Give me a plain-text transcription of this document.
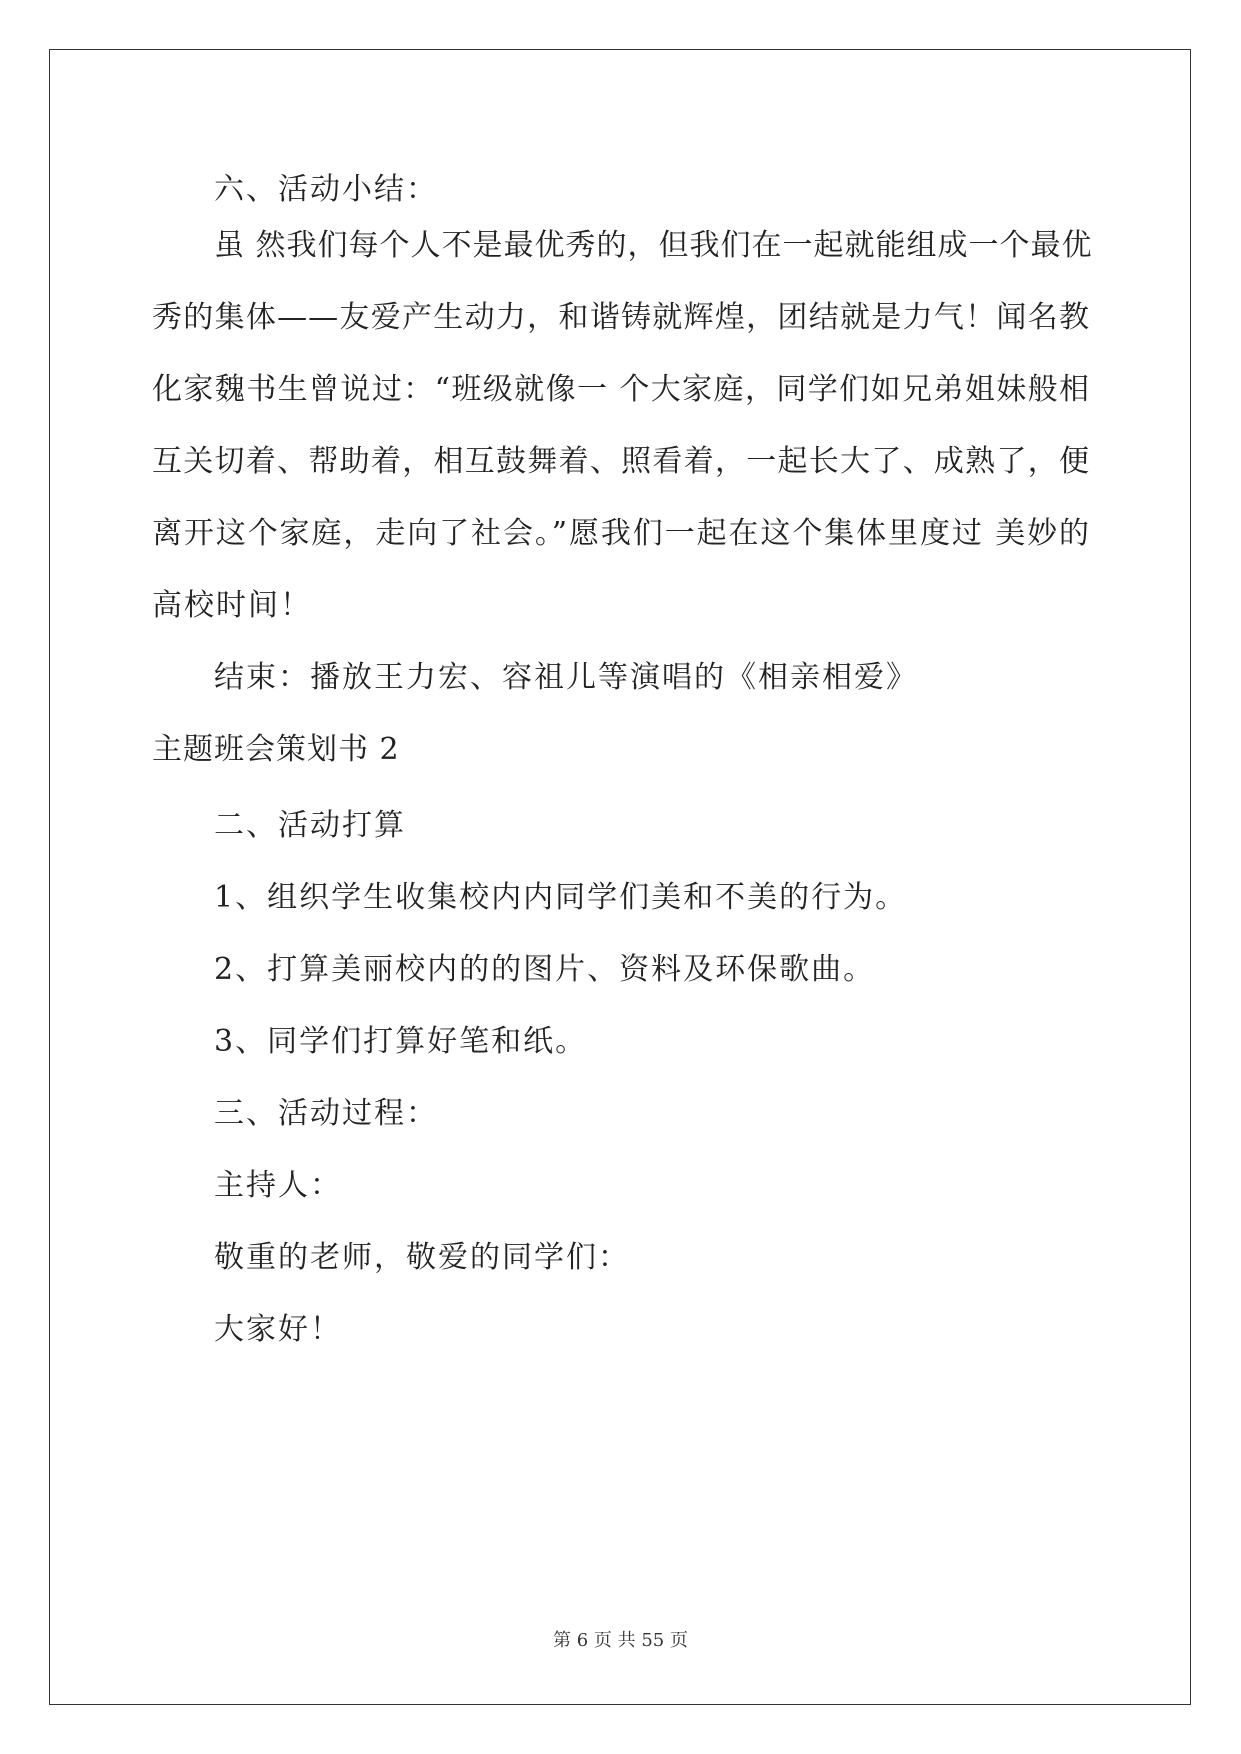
六、活动小结：
虽 然我们每个人不是最优秀的，但我们在一起就能组成一个最优
秀的集体——友爱产生动力，和谐铸就辉煌，团结就是力气！闻名教
化家魏书生曾说过：“班级就像一 个大家庭，同学们如兄弟姐妹般相
互关切着、帮助着，相互鼓舞着、照看着，一起长大了、成熟了，便
离开这个家庭，走向了社会。”愿我们一起在这个集体里度过 美妙的
高校时间！
结束：播放王力宏、容祖儿等演唱的《相亲相爱》
主题班会策划书 2
二、活动打算
1、组织学生收集校内内同学们美和不美的行为。
2、打算美丽校内的的图片、资料及环保歌曲。
3、同学们打算好笔和纸。
三、活动过程：
主持人：
敬重的老师，敬爱的同学们：
大家好！
第 6 页 共 55 页
